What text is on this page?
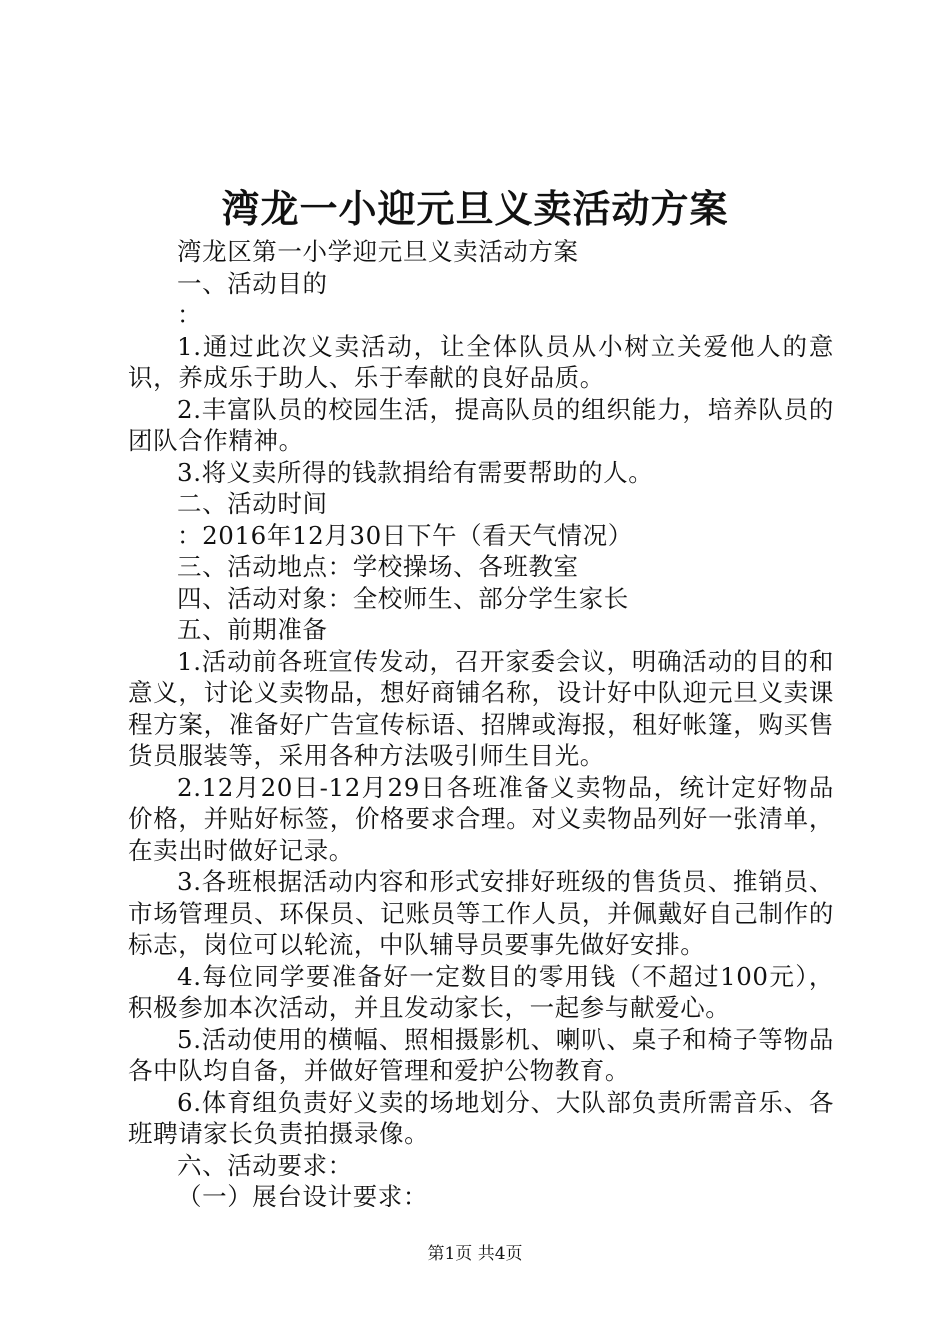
湾龙一小迎元旦义卖活动方案

湾龙区第一小学迎元旦义卖活动方案

一、活动目的

：

1.通过此次义卖活动，让全体队员从小树立关爱他人的意识，养成乐于助人、乐于奉献的良好品质。

2.丰富队员的校园生活，提高队员的组织能力，培养队员的团队合作精神。

3.将义卖所得的钱款捐给有需要帮助的人。

二、活动时间

：2016年12月30日下午（看天气情况）

三、活动地点：学校操场、各班教室

四、活动对象：全校师生、部分学生家长

五、前期准备

1.活动前各班宣传发动，召开家委会议，明确活动的目的和意义，讨论义卖物品，想好商铺名称，设计好中队迎元旦义卖课程方案，准备好广告宣传标语、招牌或海报，租好帐篷，购买售货员服装等，采用各种方法吸引师生目光。

2.12月20日-12月29日各班准备义卖物品，统计定好物品价格，并贴好标签，价格要求合理。对义卖物品列好一张清单，在卖出时做好记录。

3.各班根据活动内容和形式安排好班级的售货员、推销员、市场管理员、环保员、记账员等工作人员，并佩戴好自己制作的标志，岗位可以轮流，中队辅导员要事先做好安排。

4.每位同学要准备好一定数目的零用钱（不超过100元），积极参加本次活动，并且发动家长，一起参与献爱心。

5.活动使用的横幅、照相摄影机、喇叭、桌子和椅子等物品各中队均自备，并做好管理和爱护公物教育。

6.体育组负责好义卖的场地划分、大队部负责所需音乐、各班聘请家长负责拍摄录像。

六、活动要求：

（一）展台设计要求：

第1页 共4页
